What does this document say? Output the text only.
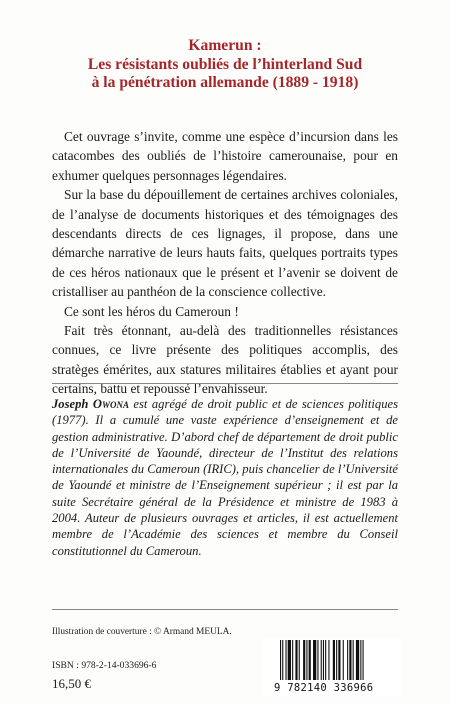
Kamerun :
Les résistants oubliés de l’hinterland Sud
à la pénétration allemande (1889 - 1918)

Cet ouvrage s’invite, comme une espèce d’incursion dans les catacombes des oubliés de l’histoire camerounaise, pour en exhumer quelques personnages légendaires.

Sur la base du dépouillement de certaines archives coloniales, de l’analyse de documents historiques et des témoignages des descendants directs de ces lignages, il propose, dans une démarche narrative de leurs hauts faits, quelques portraits types de ces héros nationaux que le présent et l’avenir se doivent de cristalliser au panthéon de la conscience collective.

Ce sont les héros du Cameroun !

Fait très étonnant, au-delà des traditionnelles résistances connues, ce livre présente des politiques accomplis, des stratèges émérites, aux statures militaires établies et ayant pour certains, battu et repoussé l’envahisseur.

Joseph Owona est agrégé de droit public et de sciences politiques (1977). Il a cumulé une vaste expérience d’enseignement et de gestion administrative. D’abord chef de département de droit public de l’Université de Yaoundé, directeur de l’Institut des relations internationales du Cameroun (IRIC), puis chancelier de l’Université de Yaoundé et ministre de l’Enseignement supérieur ; il est par la suite Secrétaire général de la Présidence et ministre de 1983 à 2004. Auteur de plusieurs ouvrages et articles, il est actuellement membre de l’Académie des sciences et membre du Conseil constitutionnel du Cameroun.

Illustration de couverture : © Armand MEULA.
ISBN : 978-2-14-033696-6
16,50 €	9 782140 336966
